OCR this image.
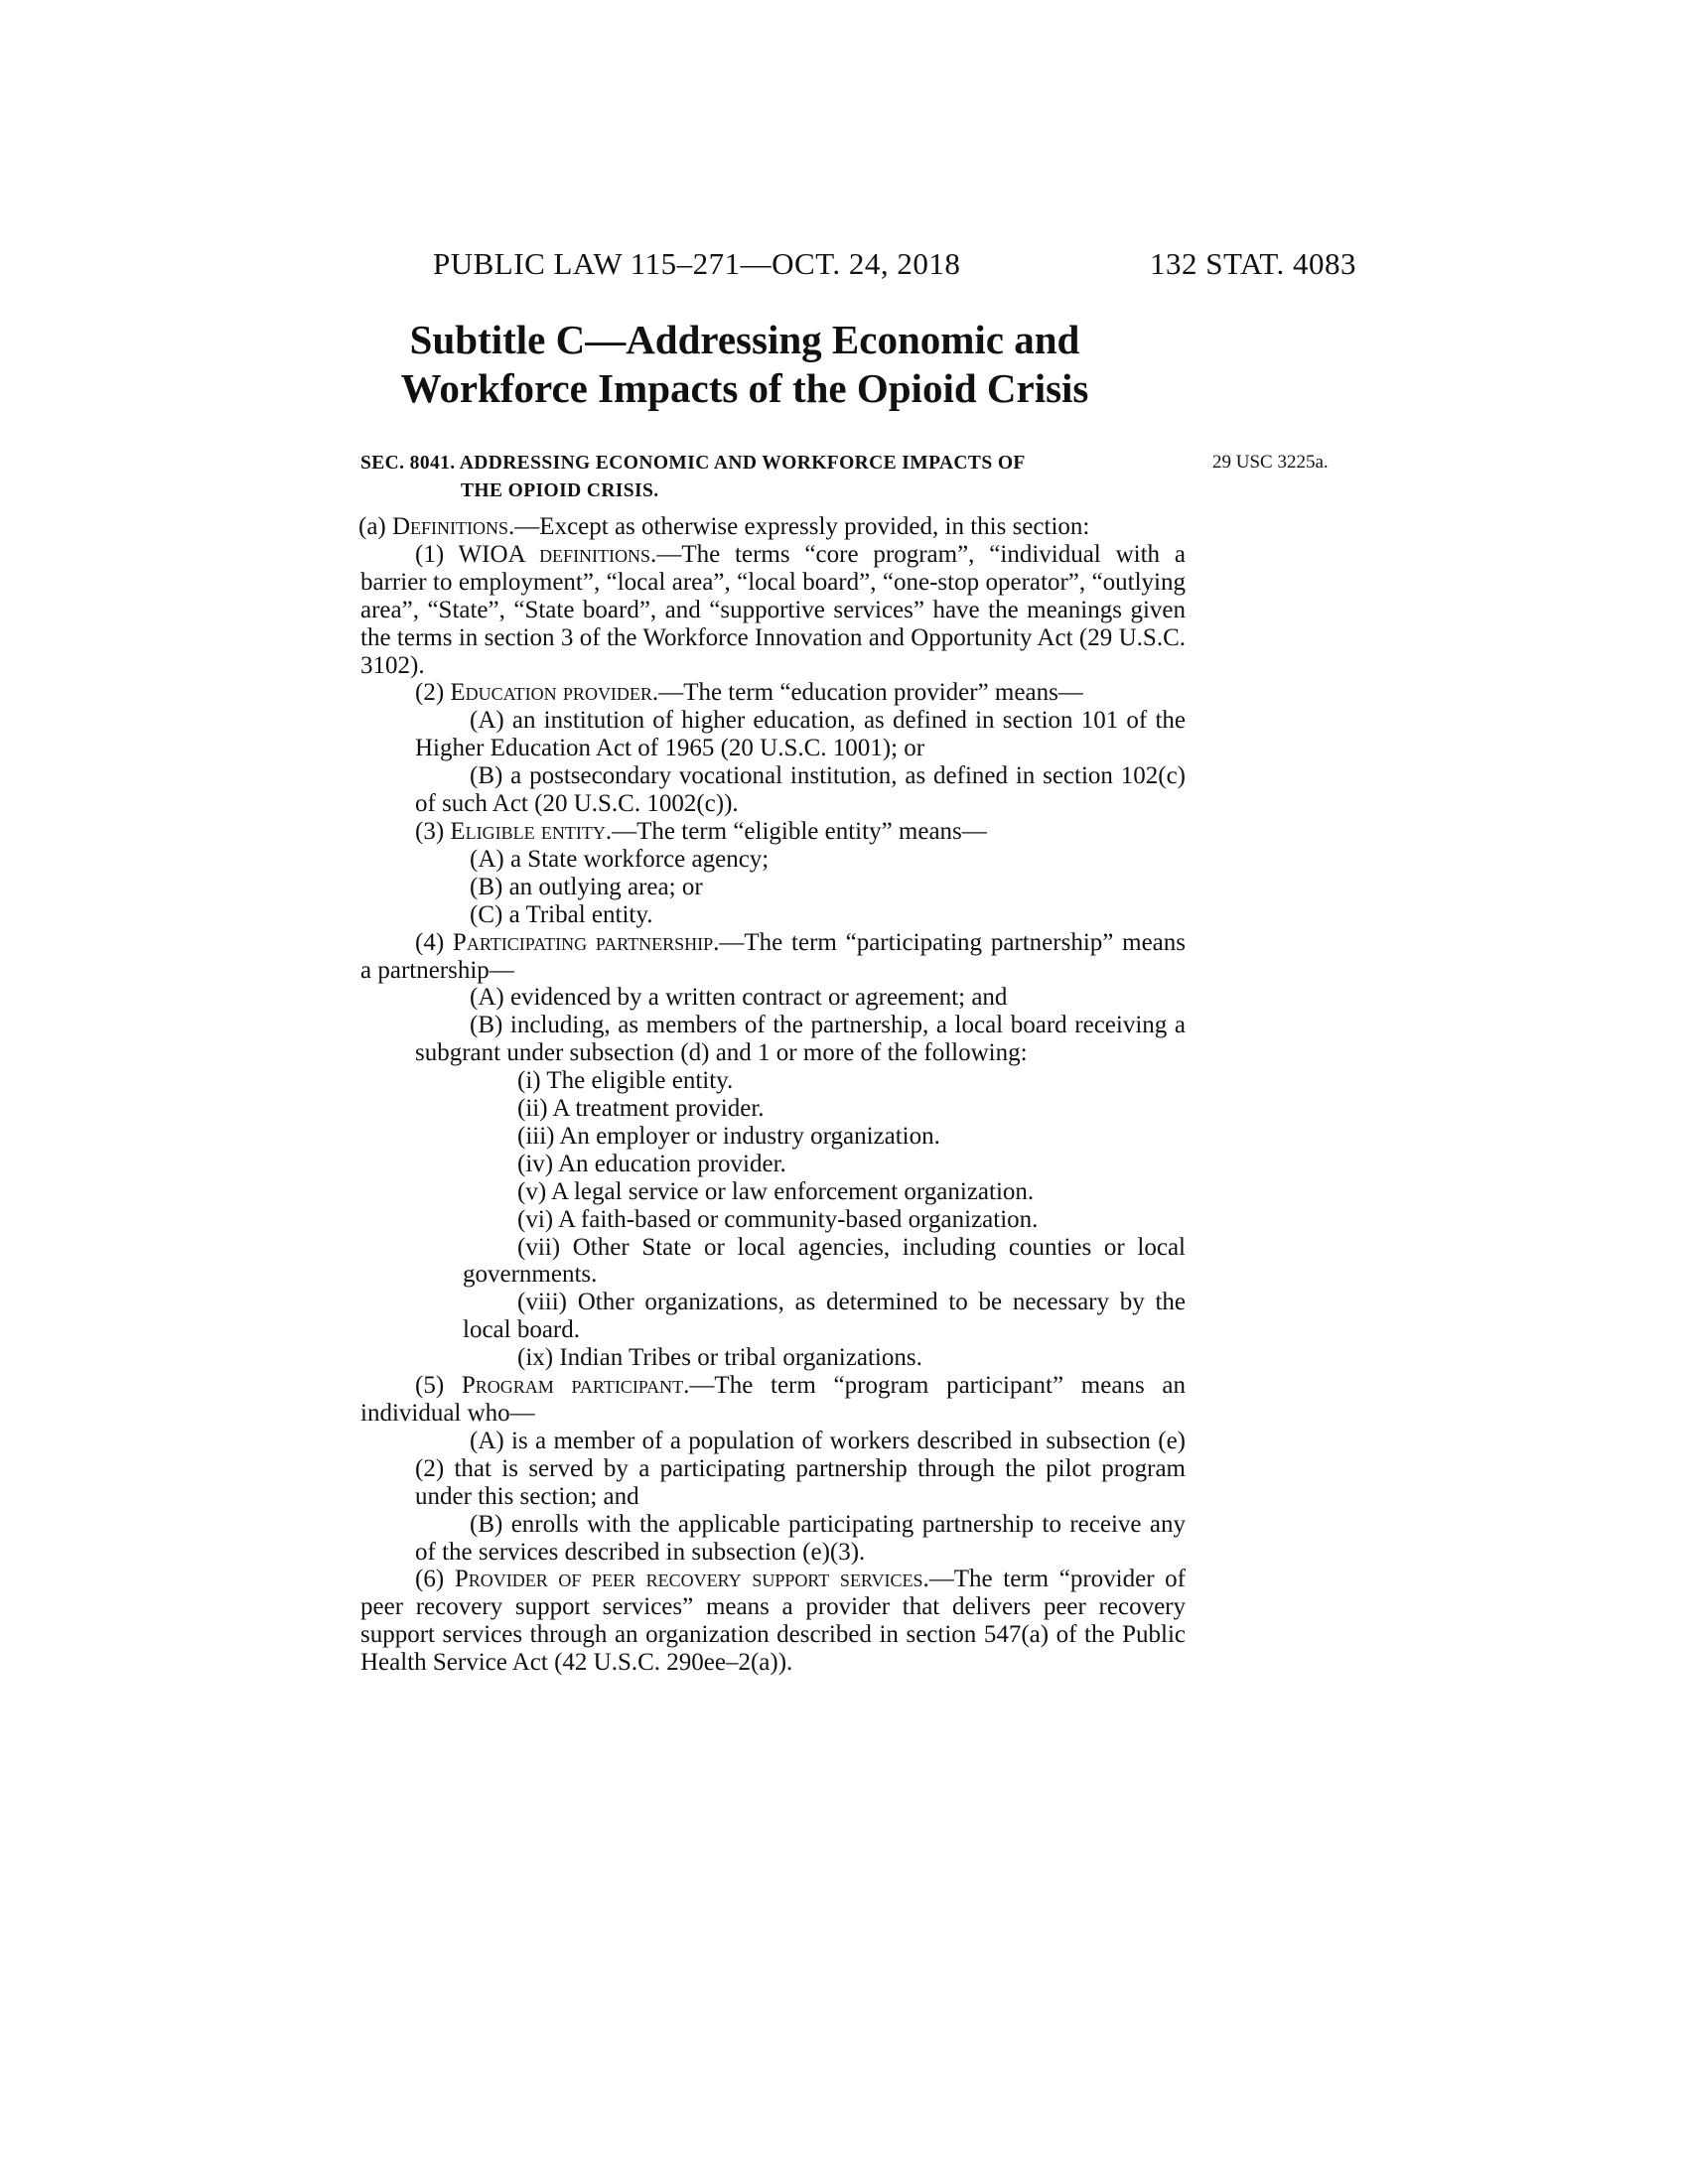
PUBLIC LAW 115–271—OCT. 24, 2018	132 STAT. 4083
Subtitle C—Addressing Economic and
Workforce Impacts of the Opioid Crisis
SEC. 8041. ADDRESSING ECONOMIC AND WORKFORCE IMPACTS OF
THE OPIOID CRISIS.
29 USC 3225a.
(a) Definitions.—Except as otherwise expressly provided, in this section:
(1) WIOA definitions.—The terms “core program”, “individual with a barrier to employment”, “local area”, “local board”, “one-stop operator”, “outlying area”, “State”, “State board”, and “supportive services” have the meanings given the terms in section 3 of the Workforce Innovation and Opportunity Act (29 U.S.C. 3102).
(2) Education provider.—The term “education provider” means—
(A) an institution of higher education, as defined in section 101 of the Higher Education Act of 1965 (20 U.S.C. 1001); or
(B) a postsecondary vocational institution, as defined in section 102(c) of such Act (20 U.S.C. 1002(c)).
(3) Eligible entity.—The term “eligible entity” means—
(A) a State workforce agency;
(B) an outlying area; or
(C) a Tribal entity.
(4) Participating partnership.—The term “participating partnership” means a partnership—
(A) evidenced by a written contract or agreement; and
(B) including, as members of the partnership, a local board receiving a subgrant under subsection (d) and 1 or more of the following:
(i) The eligible entity.
(ii) A treatment provider.
(iii) An employer or industry organization.
(iv) An education provider.
(v) A legal service or law enforcement organization.
(vi) A faith-based or community-based organization.
(vii) Other State or local agencies, including counties or local governments.
(viii) Other organizations, as determined to be necessary by the local board.
(ix) Indian Tribes or tribal organizations.
(5) Program participant.—The term “program participant” means an individual who—
(A) is a member of a population of workers described in subsection (e)(2) that is served by a participating partnership through the pilot program under this section; and
(B) enrolls with the applicable participating partnership to receive any of the services described in subsection (e)(3).
(6) Provider of peer recovery support services.—The term “provider of peer recovery support services” means a provider that delivers peer recovery support services through an organization described in section 547(a) of the Public Health Service Act (42 U.S.C. 290ee–2(a)).
